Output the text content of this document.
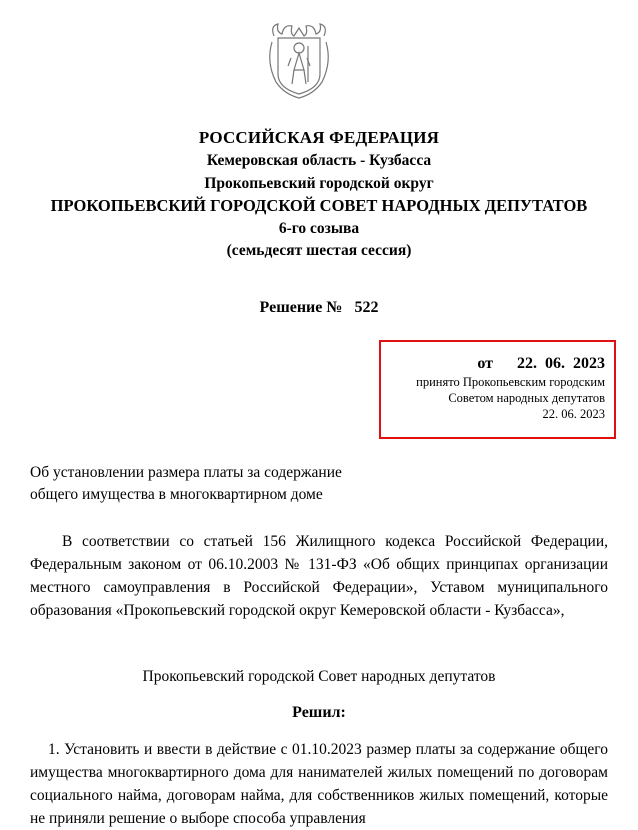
РОССИЙСКАЯ ФЕДЕРАЦИЯ
Кемеровская область - Кузбасса
Прокопьевский городской округ
ПРОКОПЬЕВСКИЙ ГОРОДСКОЙ СОВЕТ НАРОДНЫХ ДЕПУТАТОВ
6-го созыва
(семьдесят шестая сессия)
Решение № 522
от   22. 06. 2023
принято Прокопьевским городским
Советом народных депутатов
22. 06. 2023
Об установлении размера платы за содержание
общего имущества в многоквартирном доме
В соответствии со статьей 156 Жилищного кодекса Российской Федерации, Федеральным законом от 06.10.2003 № 131-ФЗ «Об общих принципах организации местного самоуправления в Российской Федерации», Уставом муниципального образования «Прокопьевский городской округ Кемеровской области - Кузбасса»,
Прокопьевский городской Совет народных депутатов
Решил:
1. Установить и ввести в действие с 01.10.2023 размер платы за содержание общего имущества многоквартирного дома для нанимателей жилых помещений по договорам социального найма, договорам найма, для собственников жилых помещений, которые не приняли решение о выборе способа управления
